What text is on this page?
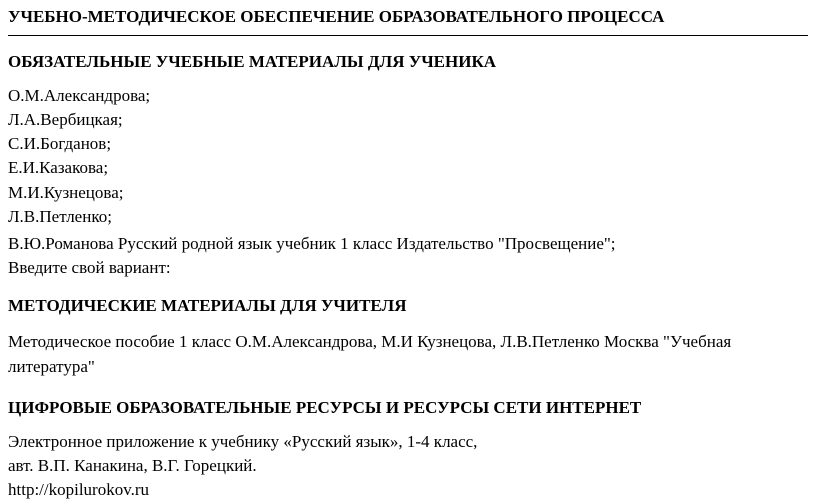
УЧЕБНО-МЕТОДИЧЕСКОЕ ОБЕСПЕЧЕНИЕ ОБРАЗОВАТЕЛЬНОГО ПРОЦЕССА
ОБЯЗАТЕЛЬНЫЕ УЧЕБНЫЕ МАТЕРИАЛЫ ДЛЯ УЧЕНИКА
О.М.Александрова;
Л.А.Вербицкая;
С.И.Богданов;
Е.И.Казакова;
М.И.Кузнецова;
Л.В.Петленко;
В.Ю.Романова Русский родной язык учебник 1 класс Издательство "Просвещение";
Введите свой вариант:
МЕТОДИЧЕСКИЕ МАТЕРИАЛЫ ДЛЯ УЧИТЕЛЯ
Методическое пособие 1 класс О.М.Александрова, М.И Кузнецова, Л.В.Петленко Москва "Учебная литература"
ЦИФРОВЫЕ ОБРАЗОВАТЕЛЬНЫЕ РЕСУРСЫ И РЕСУРСЫ СЕТИ ИНТЕРНЕТ
Электронное приложение к учебнику «Русский язык», 1-4 класс,
авт. В.П. Канакина, В.Г. Горецкий.
http://kopilurokov.ru
